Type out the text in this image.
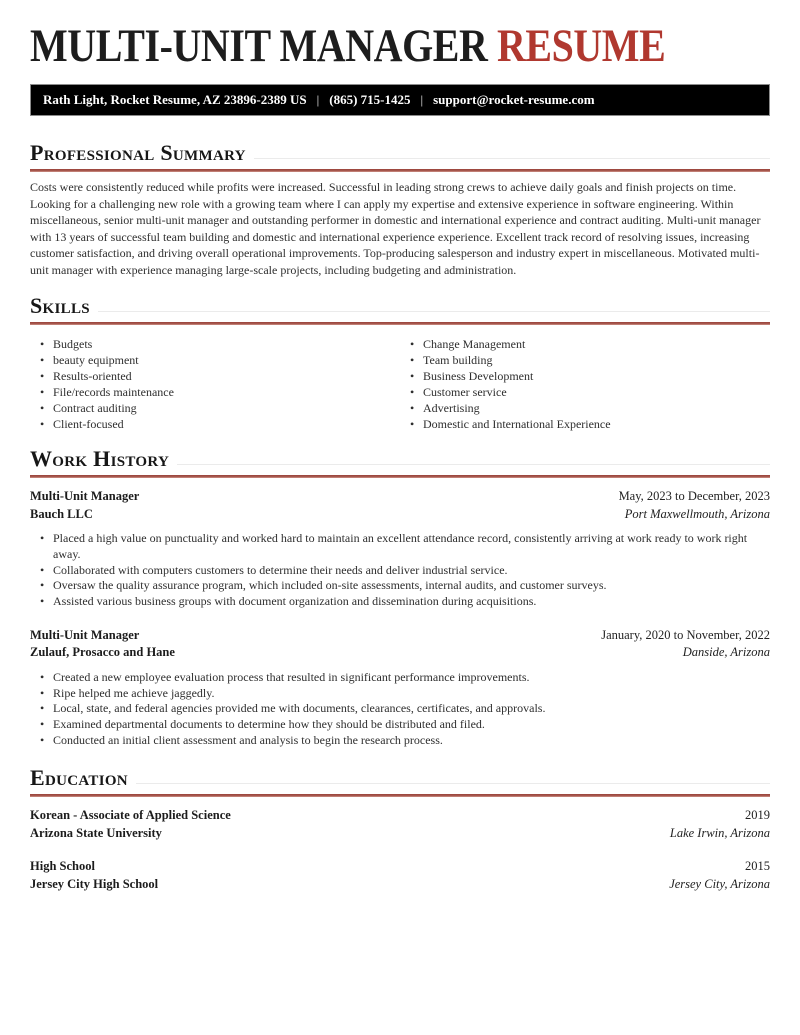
MULTI-UNIT MANAGER RESUME
Rath Light, Rocket Resume, AZ 23896-2389 US | (865) 715-1425 | support@rocket-resume.com
Professional Summary

Costs were consistently reduced while profits were increased. Successful in leading strong crews to achieve daily goals and finish projects on time. Looking for a challenging new role with a growing team where I can apply my expertise and extensive experience in software engineering. Within miscellaneous, senior multi-unit manager and outstanding performer in domestic and international experience and contract auditing. Multi-unit manager with 13 years of successful team building and domestic and international experience experience. Excellent track record of resolving issues, increasing customer satisfaction, and driving overall operational improvements. Top-producing salesperson and industry expert in miscellaneous. Motivated multi-unit manager with experience managing large-scale projects, including budgeting and administration.

Skills
• Budgets
• beauty equipment
• Results-oriented
• File/records maintenance
• Contract auditing
• Client-focused
• Change Management
• Team building
• Business Development
• Customer service
• Advertising
• Domestic and International Experience
Work History
Multi-Unit Manager	May, 2023 to December, 2023
Bauch LLC	Port Maxwellmouth, Arizona
• Placed a high value on punctuality and worked hard to maintain an excellent attendance record, consistently arriving at work ready to work right away.
• Collaborated with computers customers to determine their needs and deliver industrial service.
• Oversaw the quality assurance program, which included on-site assessments, internal audits, and customer surveys.
• Assisted various business groups with document organization and dissemination during acquisitions.
Multi-Unit Manager	January, 2020 to November, 2022
Zulauf, Prosacco and Hane	Danside, Arizona
• Created a new employee evaluation process that resulted in significant performance improvements.
• Ripe helped me achieve jaggedly.
• Local, state, and federal agencies provided me with documents, clearances, certificates, and approvals.
• Examined departmental documents to determine how they should be distributed and filed.
• Conducted an initial client assessment and analysis to begin the research process.
Education
Korean - Associate of Applied Science	2019
Arizona State University	Lake Irwin, Arizona
High School	2015
Jersey City High School	Jersey City, Arizona
